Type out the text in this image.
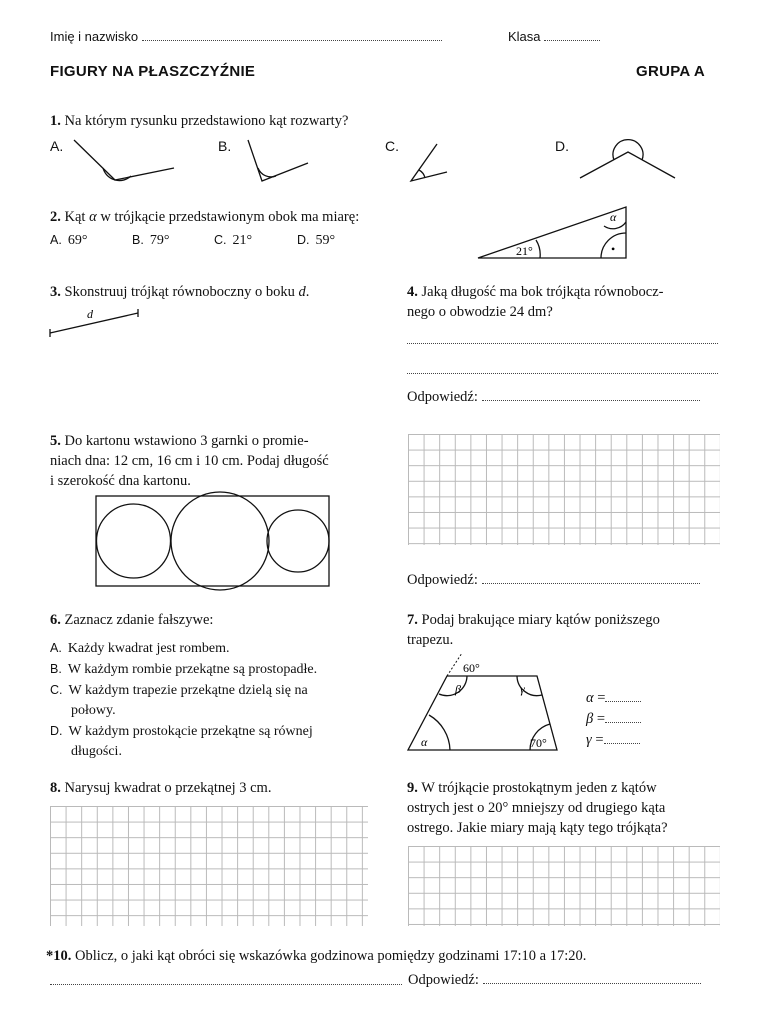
Imię i nazwisko	Klasa
FIGURY NA PŁASZCZYŹNIE	GRUPA A
1. Na którym rysunku przedstawiono kąt rozwarty?
A.	B.	C.	D.
2. Kąt α w trójkącie przedstawionym obok ma miarę:
A. 69°	B. 79°	C. 21°	D. 59°
21°
α
•
3. Skonstruuj trójkąt równoboczny o boku d.
d
4. Jaką długość ma bok trójkąta równobocz-
nego o obwodzie 24 dm?
Odpowiedź:
5. Do kartonu wstawiono 3 garnki o promie-
niach dna: 12 cm, 16 cm i 10 cm. Podaj długość
i szerokość dna kartonu.
Odpowiedź:
6. Zaznacz zdanie fałszywe:
A. Każdy kwadrat jest rombem.
B. W każdym rombie przekątne są prostopadłe.
C. W każdym trapezie przekątne dzielą się na
połowy.
D. W każdym prostokącie przekątne są równej
długości.
7. Podaj brakujące miary kątów poniższego
trapezu.
60°
β	γ
α	70°
α =
β =
γ =
8. Narysuj kwadrat o przekątnej 3 cm.	9. W trójkącie prostokątnym jeden z kątów
ostrych jest o 20° mniejszy od drugiego kąta
ostrego. Jakie miary mają kąty tego trójkąta?
*10. Oblicz, o jaki kąt obróci się wskazówka godzinowa pomiędzy godzinami 17:10 a 17:20.
Odpowiedź:
